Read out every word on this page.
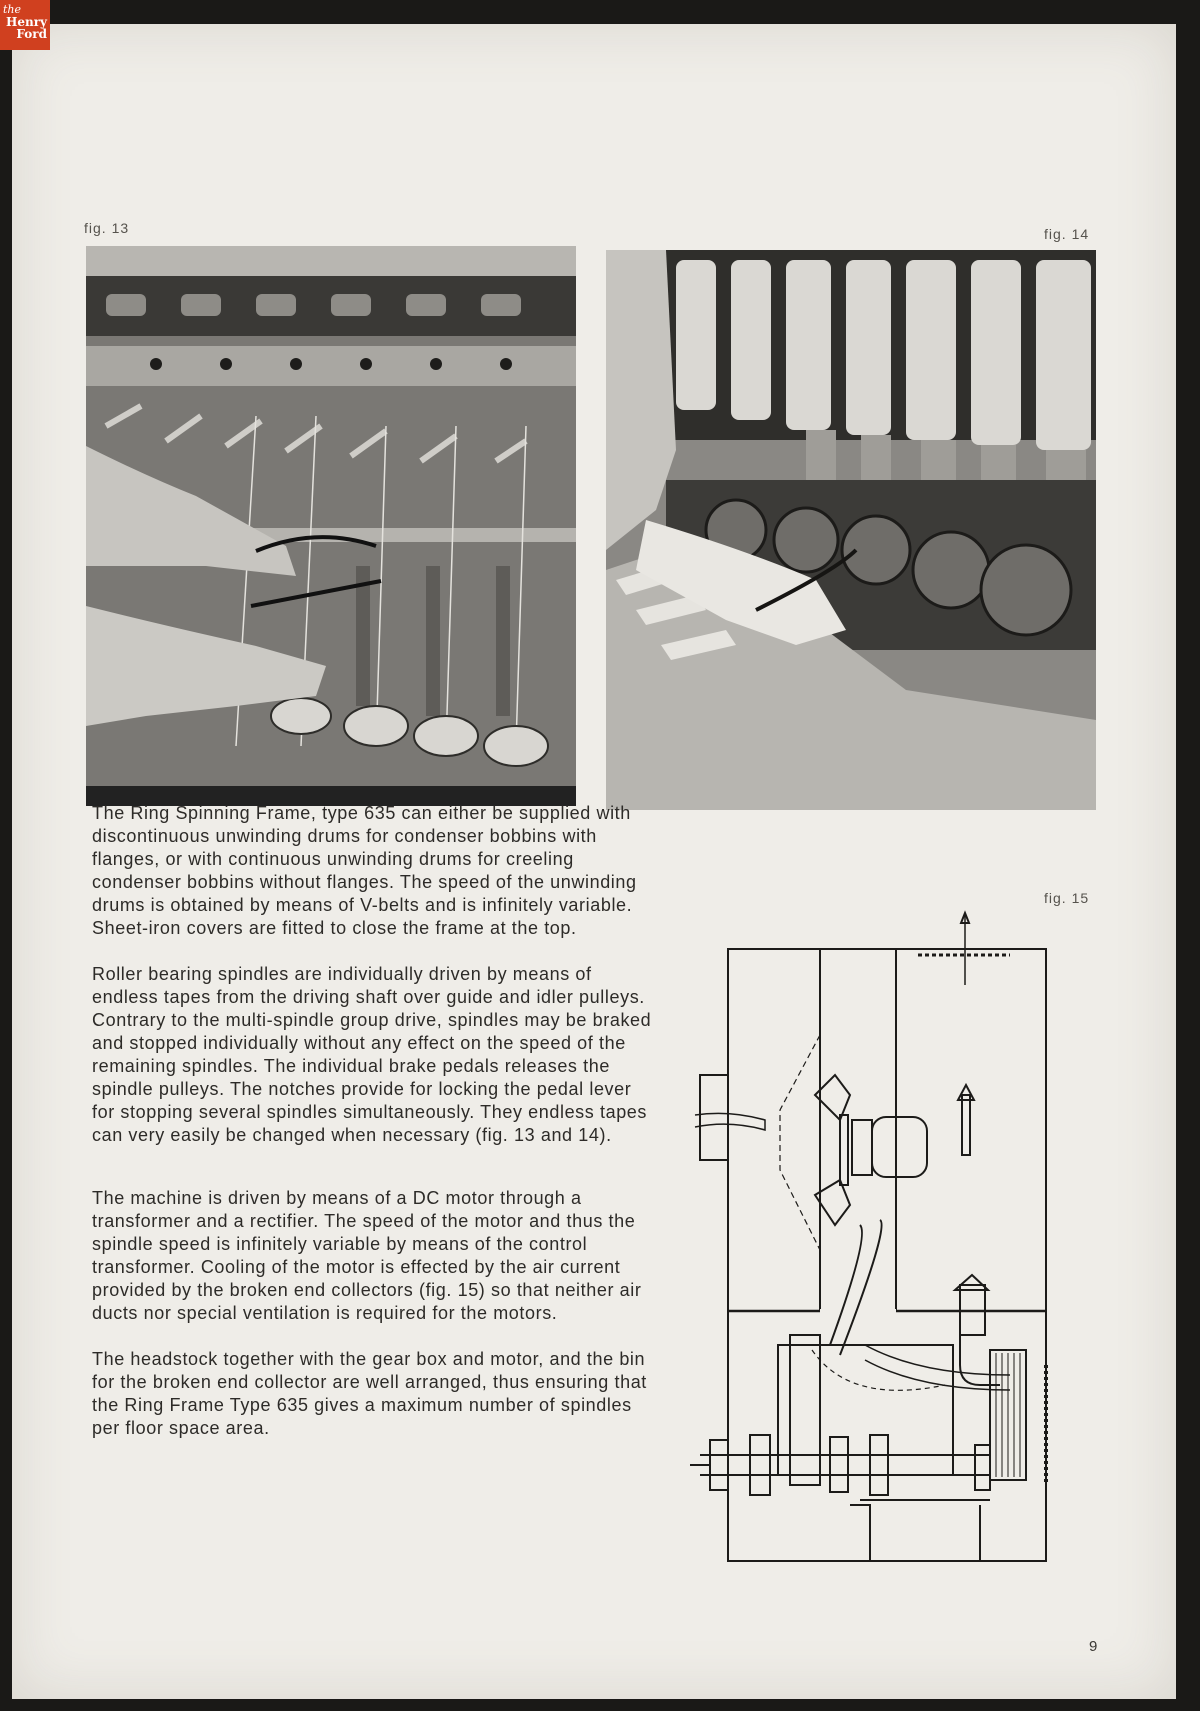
the
Henry
Ford
fig. 13	fig. 14

The Ring Spinning Frame, type 635 can either be supplied with discontinuous unwinding drums for condenser bobbins with flanges, or with continuous unwinding drums for creeling condenser bobbins without flanges. The speed of the unwinding drums is obtained by means of V-belts and is infinitely variable. Sheet-iron covers are fitted to close the frame at the top.

Roller bearing spindles are individually driven by means of endless tapes from the driving shaft over guide and idler pulleys. Contrary to the multi-spindle group drive, spindles may be braked and stopped individually without any effect on the speed of the remaining spindles. The individual brake pedals releases the spindle pulleys. The notches provide for locking the pedal lever for stopping several spindles simultaneously. They endless tapes can very easily be changed when necessary (fig. 13 and 14).

The machine is driven by means of a DC motor through a transformer and a rectifier. The speed of the motor and thus the spindle speed is infinitely variable by means of the control transformer. Cooling of the motor is effected by the air current provided by the broken end collectors (fig. 15) so that neither air ducts nor special ventilation is required for the motors.

The headstock together with the gear box and motor, and the bin for the broken end collector are well arranged, thus ensuring that the Ring Frame Type 635 gives a maximum number of spindles per floor space area.

fig. 15
9
